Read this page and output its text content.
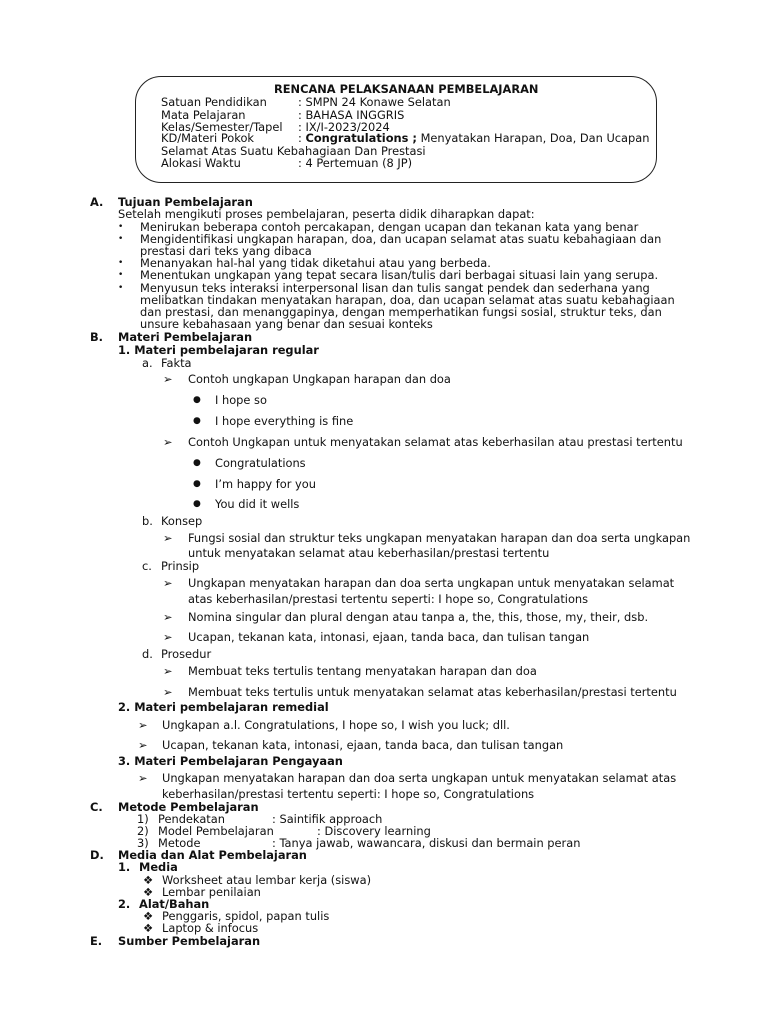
RENCANA PELAKSANAAN PEMBELAJARAN
Satuan Pendidikan	: SMPN 24 Konawe Selatan
Mata Pelajaran	: BAHASA INGGRIS
Kelas/Semester/Tapel : IX/I-2023/2024
KD/Materi Pokok	: Congratulations ; Menyatakan Harapan, Doa, Dan Ucapan
Selamat Atas Suatu Kebahagiaan Dan Prestasi
Alokasi Waktu	: 4 Pertemuan (8 JP)
A. Tujuan Pembelajaran
Setelah mengikuti proses pembelajaran, peserta didik diharapkan dapat:
• Menirukan beberapa contoh percakapan, dengan ucapan dan tekanan kata yang benar
• Mengidentifikasi ungkapan harapan, doa, dan ucapan selamat atas suatu kebahagiaan dan
prestasi dari teks yang dibaca
• Menanyakan hal-hal yang tidak diketahui atau yang berbeda.
• Menentukan ungkapan yang tepat secara lisan/tulis dari berbagai situasi lain yang serupa.
• Menyusun teks interaksi interpersonal lisan dan tulis sangat pendek dan sederhana yang
melibatkan tindakan menyatakan harapan, doa, dan ucapan selamat atas suatu kebahagiaan
dan prestasi, dan menanggapinya, dengan memperhatikan fungsi sosial, struktur teks, dan
unsure kebahasaan yang benar dan sesuai konteks
B. Materi Pembelajaran
1. Materi pembelajaran regular
a. Fakta
➢ Contoh ungkapan Ungkapan harapan dan doa
● I hope so
● I hope everything is fine
➢ Contoh Ungkapan untuk menyatakan selamat atas keberhasilan atau prestasi tertentu
● Congratulations
● I’m happy for you
● You did it wells
b. Konsep
➢ Fungsi sosial dan struktur teks ungkapan menyatakan harapan dan doa serta ungkapan
untuk menyatakan selamat atau keberhasilan/prestasi tertentu
c. Prinsip
➢ Ungkapan menyatakan harapan dan doa serta ungkapan untuk menyatakan selamat
atas keberhasilan/prestasi tertentu seperti: I hope so, Congratulations
➢ Nomina singular dan plural dengan atau tanpa a, the, this, those, my, their, dsb.
➢ Ucapan, tekanan kata, intonasi, ejaan, tanda baca, dan tulisan tangan
d. Prosedur
➢ Membuat teks tertulis tentang menyatakan harapan dan doa
➢ Membuat teks tertulis untuk menyatakan selamat atas keberhasilan/prestasi tertentu
2. Materi pembelajaran remedial
➢ Ungkapan a.l. Congratulations, I hope so, I wish you luck; dll.
➢ Ucapan, tekanan kata, intonasi, ejaan, tanda baca, dan tulisan tangan
3. Materi Pembelajaran Pengayaan
➢ Ungkapan menyatakan harapan dan doa serta ungkapan untuk menyatakan selamat atas
keberhasilan/prestasi tertentu seperti: I hope so, Congratulations
C. Metode Pembelajaran
1) Pendekatan	: Saintifik approach
2) Model Pembelajaran	: Discovery learning
3) Metode	: Tanya jawab, wawancara, diskusi dan bermain peran
D. Media dan Alat Pembelajaran
1. Media
❖ Worksheet atau lembar kerja (siswa)
❖ Lembar penilaian
2. Alat/Bahan
❖ Penggaris, spidol, papan tulis
❖ Laptop & infocus
E. Sumber Pembelajaran
